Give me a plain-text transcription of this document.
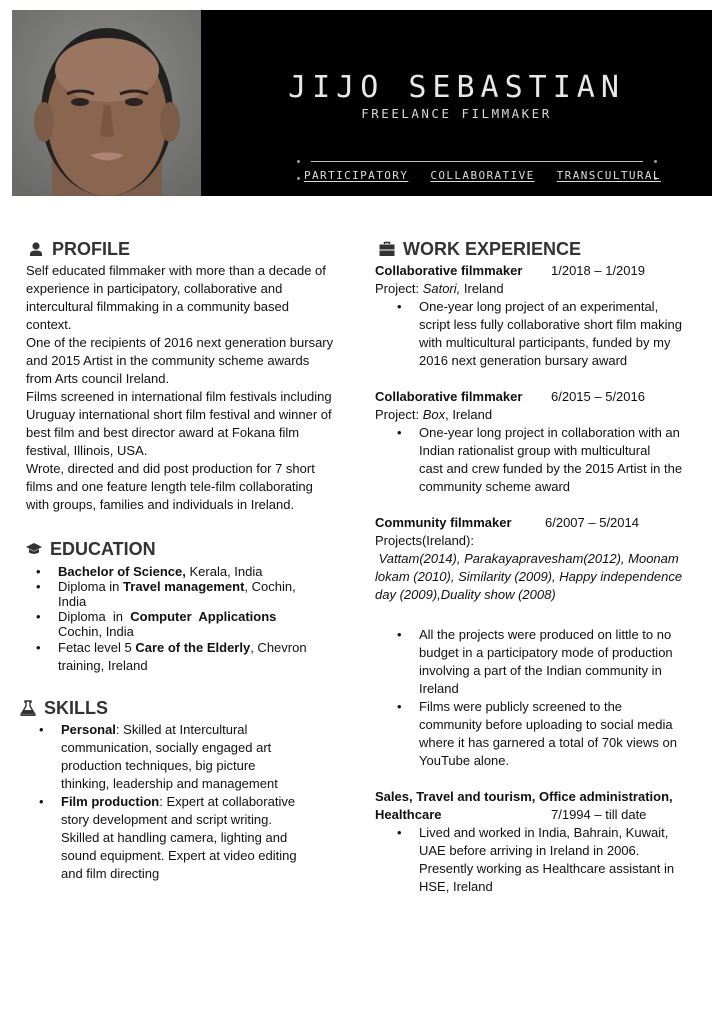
JIJO SEBASTIAN
FREELANCE FILMMAKER
PARTICIPATORY COLLABORATIVE TRANSCULTURAL
PROFILE
Self educated filmmaker with more than a decade of
experience in participatory, collaborative and
intercultural filmmaking in a community based
context.
One of the recipients of 2016 next generation bursary
and 2015 Artist in the community scheme awards
from Arts council Ireland.
Films screened in international film festivals including
Uruguay international short film festival and winner of
best film and best director award at Fokana film
festival, Illinois, USA.
Wrote, directed and did post production for 7 short
films and one feature length tele-film collaborating
with groups, families and individuals in Ireland.
EDUCATION
• Bachelor of Science, Kerala, India
• Diploma in Travel management, Cochin,
India
• Diploma  in  Computer  Applications
Cochin, India
• Fetac level 5 Care of the Elderly, Chevron
training, Ireland
SKILLS
• Personal: Skilled at Intercultural
communication, socially engaged art
production techniques, big picture
thinking, leadership and management
• Film production: Expert at collaborative
story development and script writing.
Skilled at handling camera, lighting and
sound equipment. Expert at video editing
and film directing
WORK EXPERIENCE
Collaborative filmmaker	1/2018 – 1/2019
Project: Satori, Ireland
• One-year long project of an experimental,
script less fully collaborative short film making
with multicultural participants, funded by my
2016 next generation bursary award
Collaborative filmmaker	6/2015 – 5/2016
Project: Box, Ireland
• One-year long project in collaboration with an
Indian rationalist group with multicultural
cast and crew funded by the 2015 Artist in the
community scheme award
Community filmmaker	6/2007 – 5/2014
Projects(Ireland):
Vattam(2014), Parakayapravesham(2012), Moonam
lokam (2010), Similarity (2009), Happy independence
day (2009),Duality show (2008)
• All the projects were produced on little to no
budget in a participatory mode of production
involving a part of the Indian community in
Ireland
• Films were publicly screened to the
community before uploading to social media
where it has garnered a total of 70k views on
YouTube alone.
Sales, Travel and tourism, Office administration,
Healthcare	7/1994 – till date
• Lived and worked in India, Bahrain, Kuwait,
UAE before arriving in Ireland in 2006.
Presently working as Healthcare assistant in
HSE, Ireland
